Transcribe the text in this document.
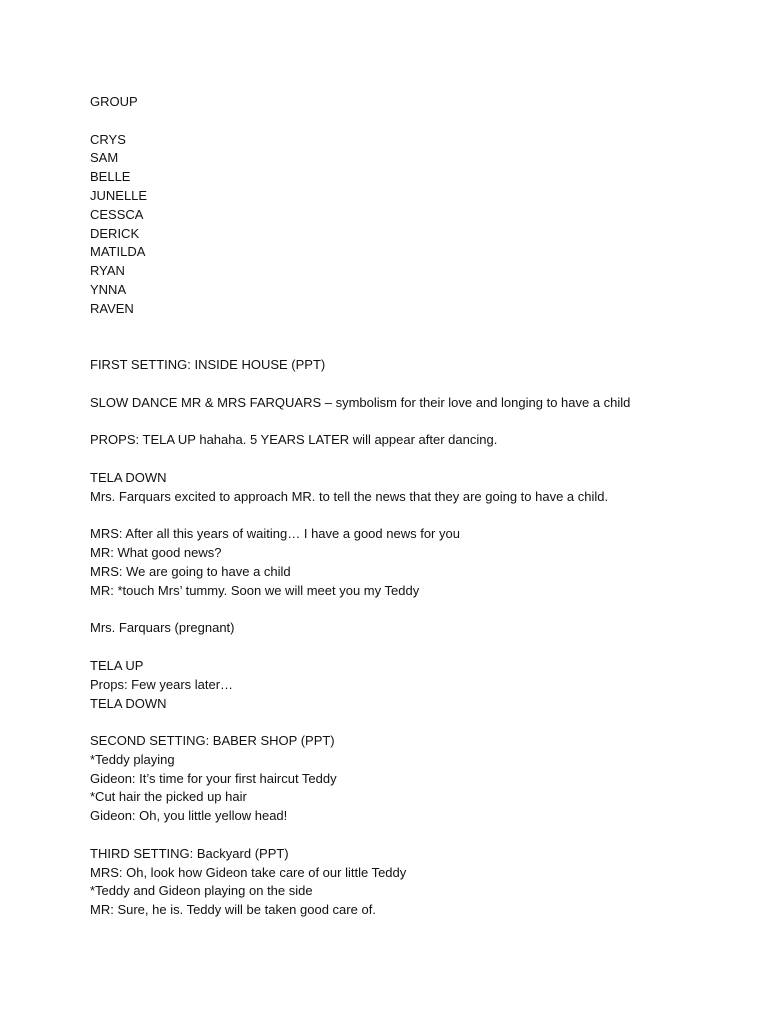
GROUP
CRYS
SAM
BELLE
JUNELLE
CESSCA
DERICK
MATILDA
RYAN
YNNA
RAVEN
FIRST SETTING: INSIDE HOUSE (PPT)
SLOW DANCE MR & MRS FARQUARS – symbolism for their love and longing to have a child
PROPS: TELA UP hahaha. 5 YEARS LATER will appear after dancing.
TELA DOWN
Mrs. Farquars excited to approach MR. to tell the news that they are going to have a child.
MRS: After all this years of waiting… I have a good news for you
MR: What good news?
MRS: We are going to have a child
MR: *touch Mrs’ tummy. Soon we will meet you my Teddy
Mrs. Farquars (pregnant)
TELA UP
Props: Few years later…
TELA DOWN
SECOND SETTING: BABER SHOP (PPT)
*Teddy playing
Gideon: It’s time for your first haircut Teddy
*Cut hair the picked up hair
Gideon: Oh, you little yellow head!
THIRD SETTING: Backyard (PPT)
MRS: Oh, look how Gideon take care of our little Teddy
*Teddy and Gideon playing on the side
MR: Sure, he is. Teddy will be taken good care of.
